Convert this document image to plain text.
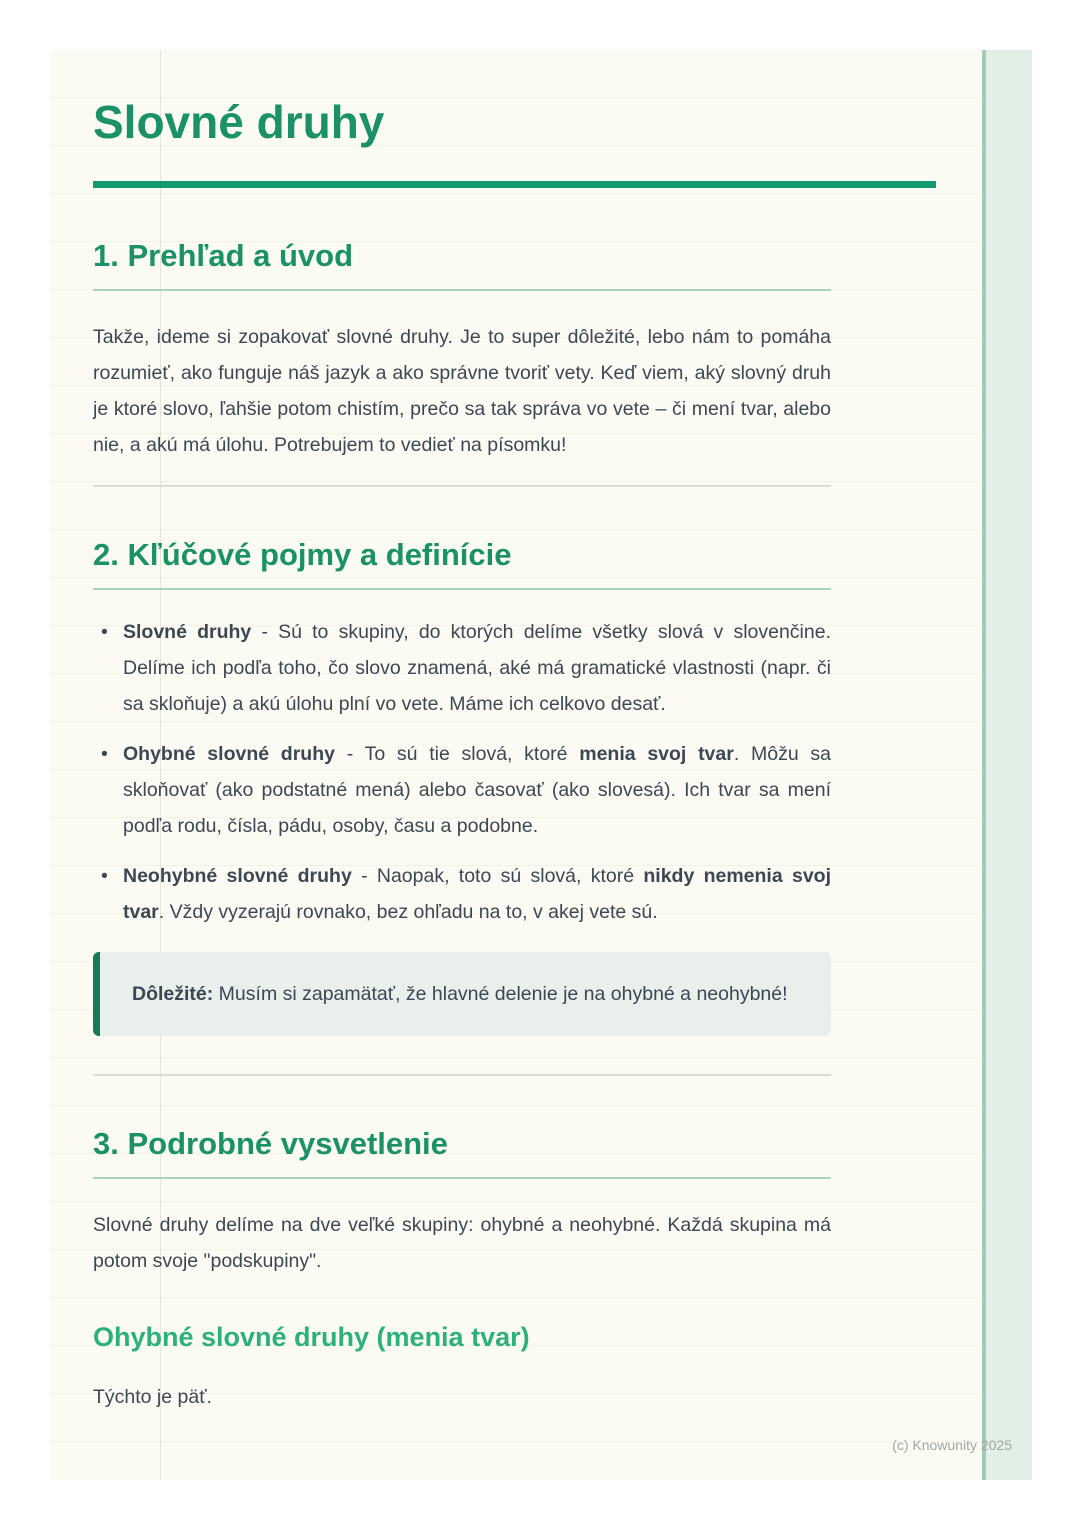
Slovné druhy
1. Prehľad a úvod

Takže, ideme si zopakovať slovné druhy. Je to super dôležité, lebo nám to pomáha rozumieť, ako funguje náš jazyk a ako správne tvoriť vety. Keď viem, aký slovný druh je ktoré slovo, ľahšie potom chistím, prečo sa tak správa vo vete – či mení tvar, alebo nie, a akú má úlohu. Potrebujem to vedieť na písomku!

2. Kľúčové pojmy a definície
• Slovné druhy - Sú to skupiny, do ktorých delíme všetky slová v slovenčine. Delíme ich podľa toho, čo slovo znamená, aké má gramatické vlastnosti (napr. či sa skloňuje) a akú úlohu plní vo vete. Máme ich celkovo desať.
• Ohybné slovné druhy - To sú tie slová, ktoré menia svoj tvar. Môžu sa skloňovať (ako podstatné mená) alebo časovať (ako slovesá). Ich tvar sa mení podľa rodu, čísla, pádu, osoby, času a podobne.
• Neohybné slovné druhy - Naopak, toto sú slová, ktoré nikdy nemenia svoj tvar. Vždy vyzerajú rovnako, bez ohľadu na to, v akej vete sú.
Dôležité: Musím si zapamätať, že hlavné delenie je na ohybné a neohybné!
3. Podrobné vysvetlenie

Slovné druhy delíme na dve veľké skupiny: ohybné a neohybné. Každá skupina má potom svoje "podskupiny".

Ohybné slovné druhy (menia tvar)

Týchto je päť.

(c) Knowunity 2025
